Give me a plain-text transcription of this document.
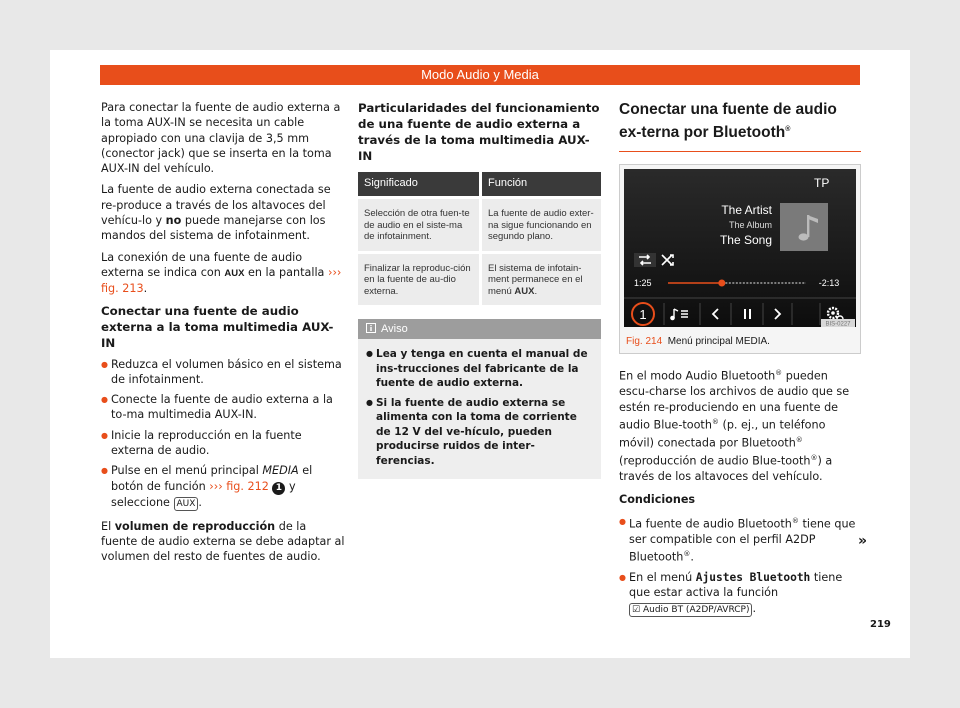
Modo Audio y Media

Para conectar la fuente de audio externa a la toma AUX-IN se necesita un cable apropiado con una clavija de 3,5 mm (conector jack) que se inserta en la toma AUX-IN del vehículo.

La fuente de audio externa conectada se re-produce a través de los altavoces del vehícu-lo y no puede manejarse con los mandos del sistema de infotainment.

La conexión de una fuente de audio externa se indica con AUX en la pantalla ››› fig. 213.

Conectar una fuente de audio externa a la toma multimedia AUX-IN

● Reduzca el volumen básico en el sistema de infotainment.
● Conecte la fuente de audio externa a la to-ma multimedia AUX-IN.
● Inicie la reproducción en la fuente externa de audio.
● Pulse en el menú principal MEDIA el botón de función ››› fig. 212 1 y seleccione AUX .

El volumen de reproducción de la fuente de audio externa se debe adaptar al volumen del resto de fuentes de audio.

Particularidades del funcionamiento de una fuente de audio externa a través de la toma multimedia AUX-IN

Significado	Función
Selección de otra fuen-te de audio en el siste-ma de infotainment.	La fuente de audio exter-na sigue funcionando en segundo plano.
Finalizar la reproduc-ción en la fuente de au-dio externa.	El sistema de infotain-ment permanece en el menú AUX.
Aviso
● Lea y tenga en cuenta el manual de ins-trucciones del fabricante de la fuente de audio externa.
● Si la fuente de audio externa se alimenta con la toma de corriente de 12 V del ve-hículo, pueden producirse ruidos de inter-ferencias.
Conectar una fuente de audio ex-terna por Bluetooth®
TP
The Artist
The Album
The Song
1:25	-2:13
1
BIS-0227
Fig. 214 Menú principal MEDIA.

En el modo Audio Bluetooth® pueden escu-charse los archivos de audio que se estén re-produciendo en una fuente de audio Blue-tooth® (p. ej., un teléfono móvil) conectada por Bluetooth® (reproducción de audio Blue-tooth®) a través de los altavoces del vehículo.

Condiciones

● La fuente de audio Bluetooth® tiene que ser compatible con el perfil A2DP Bluetooth®.
● En el menú Ajustes Bluetooth tiene que estar activa la función
☑ Audio BT (A2DP/AVRCP) .
»
219
